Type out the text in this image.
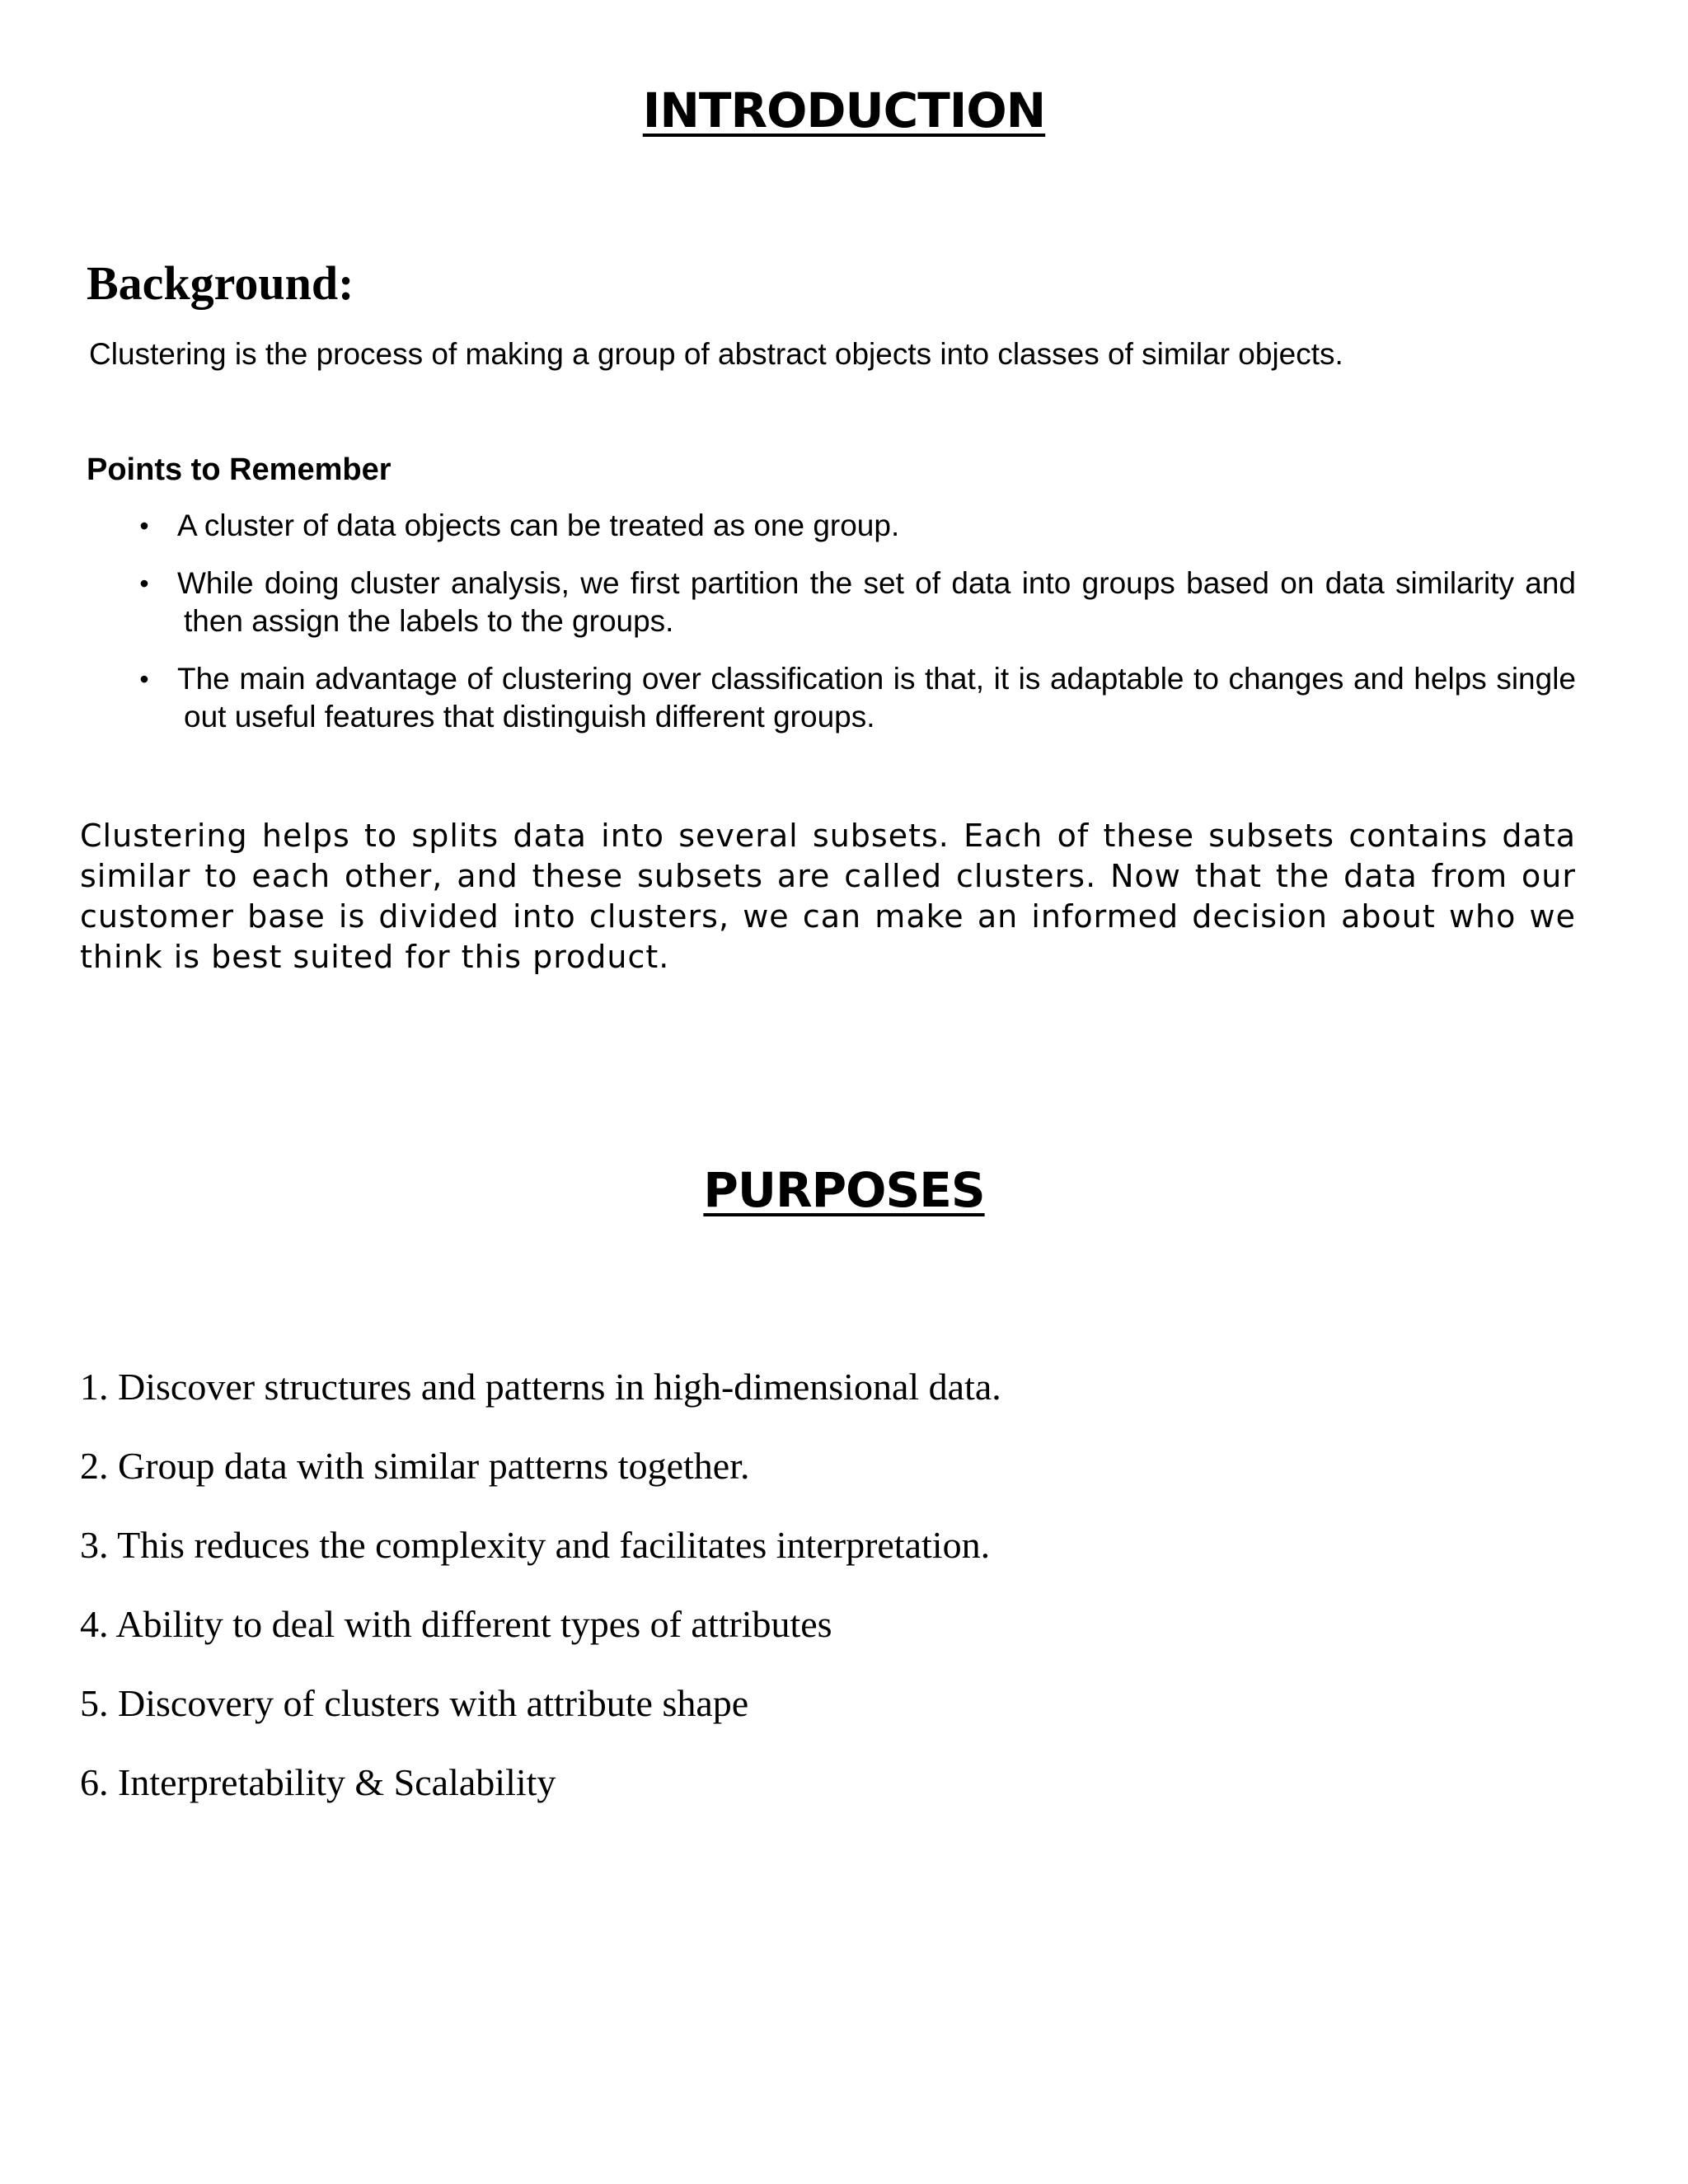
INTRODUCTION
Background:

Clustering is the process of making a group of abstract objects into classes of similar objects.

Points to Remember
• A cluster of data objects can be treated as one group.
• While doing cluster analysis, we first partition the set of data into groups based on data similarity and then assign the labels to the groups.
• The main advantage of clustering over classification is that, it is adaptable to changes and helps single out useful features that distinguish different groups.

Clustering helps to splits data into several subsets. Each of these subsets contains data similar to each other, and these subsets are called clusters. Now that the data from our customer base is divided into clusters, we can make an informed decision about who we think is best suited for this product.

PURPOSES
1. Discover structures and patterns in high-dimensional data.
2. Group data with similar patterns together.
3. This reduces the complexity and facilitates interpretation.
4. Ability to deal with different types of attributes
5. Discovery of clusters with attribute shape
6. Interpretability & Scalability
